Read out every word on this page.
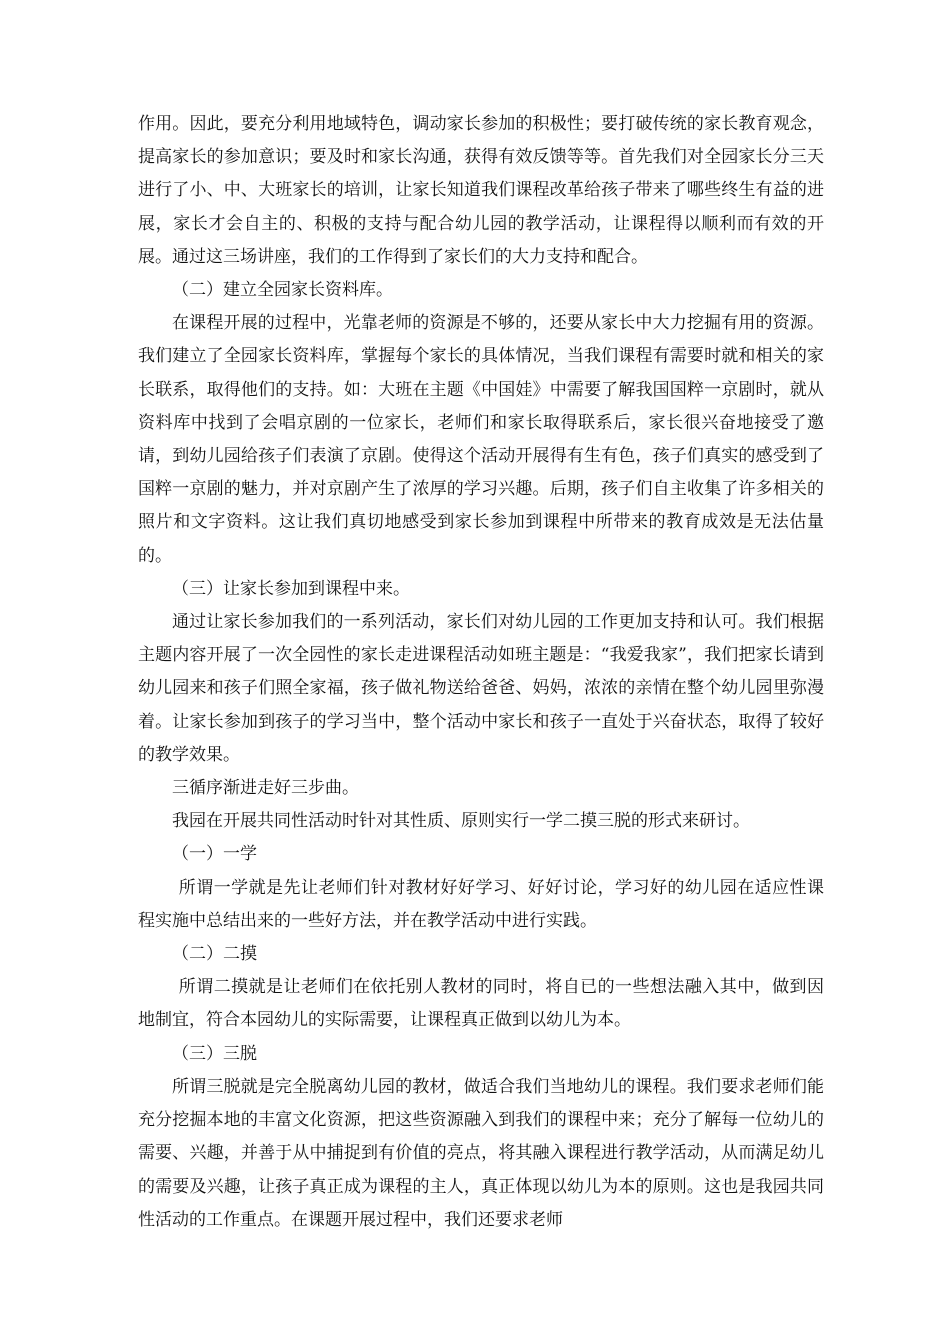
作用。因此，要充分利用地域特色，调动家长参加的积极性；要打破传统的家长教育观念，提高家长的参加意识；要及时和家长沟通，获得有效反馈等等。首先我们对全园家长分三天进行了小、中、大班家长的培训，让家长知道我们课程改革给孩子带来了哪些终生有益的进展，家长才会自主的、积极的支持与配合幼儿园的教学活动，让课程得以顺利而有效的开展。通过这三场讲座，我们的工作得到了家长们的大力支持和配合。

（二）建立全园家长资料库。

在课程开展的过程中，光靠老师的资源是不够的，还要从家长中大力挖掘有用的资源。我们建立了全园家长资料库，掌握每个家长的具体情况，当我们课程有需要时就和相关的家长联系，取得他们的支持。如：大班在主题《中国娃》中需要了解我国国粹一京剧时，就从资料库中找到了会唱京剧的一位家长，老师们和家长取得联系后，家长很兴奋地接受了邀请，到幼儿园给孩子们表演了京剧。使得这个活动开展得有生有色，孩子们真实的感受到了国粹一京剧的魅力，并对京剧产生了浓厚的学习兴趣。后期，孩子们自主收集了许多相关的照片和文字资料。这让我们真切地感受到家长参加到课程中所带来的教育成效是无法估量的。

（三）让家长参加到课程中来。

通过让家长参加我们的一系列活动，家长们对幼儿园的工作更加支持和认可。我们根据主题内容开展了一次全园性的家长走进课程活动如班主题是：“我爱我家”，我们把家长请到幼儿园来和孩子们照全家福，孩子做礼物送给爸爸、妈妈，浓浓的亲情在整个幼儿园里弥漫着。让家长参加到孩子的学习当中，整个活动中家长和孩子一直处于兴奋状态，取得了较好的教学效果。

三循序渐进走好三步曲。

我园在开展共同性活动时针对其性质、原则实行一学二摸三脱的形式来研讨。

（一）一学

所谓一学就是先让老师们针对教材好好学习、好好讨论，学习好的幼儿园在适应性课程实施中总结出来的一些好方法，并在教学活动中进行实践。

（二）二摸

所谓二摸就是让老师们在依托别人教材的同时，将自已的一些想法融入其中，做到因地制宜，符合本园幼儿的实际需要，让课程真正做到以幼儿为本。

（三）三脱

所谓三脱就是完全脱离幼儿园的教材，做适合我们当地幼儿的课程。我们要求老师们能充分挖掘本地的丰富文化资源，把这些资源融入到我们的课程中来；充分了解每一位幼儿的需要、兴趣，并善于从中捕捉到有价值的亮点，将其融入课程进行教学活动，从而满足幼儿的需要及兴趣，让孩子真正成为课程的主人，真正体现以幼儿为本的原则。这也是我园共同性活动的工作重点。在课题开展过程中，我们还要求老师
